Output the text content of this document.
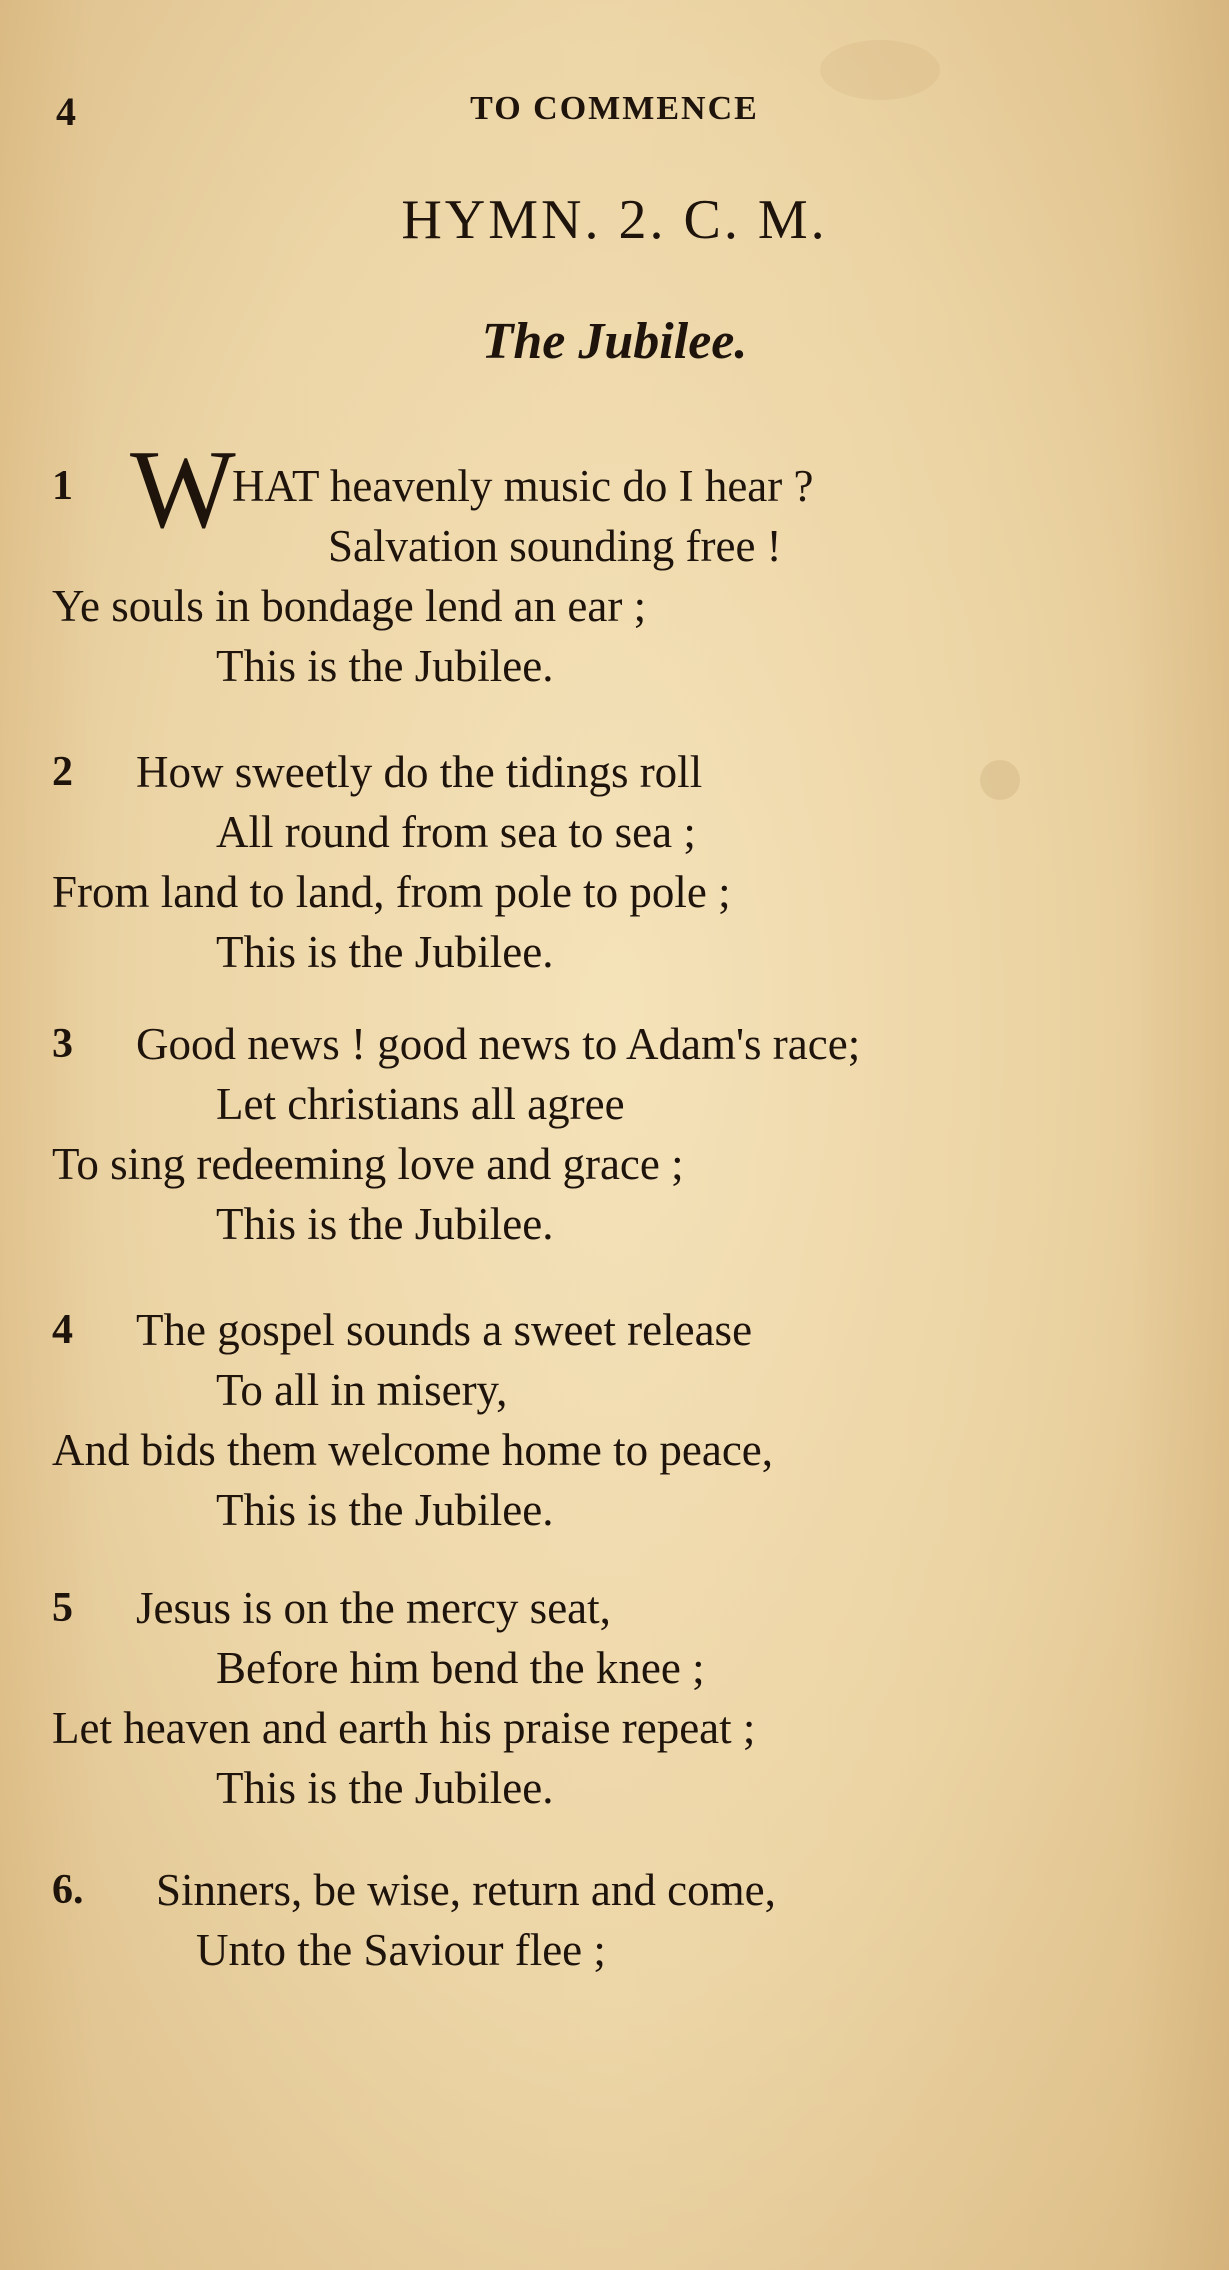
4	TO COMMENCE
HYMN. 2. C. M.
The Jubilee.
1 W HAT heavenly music do I hear ?
Salvation sounding free !
Ye souls in bondage lend an ear ;
This is the Jubilee.
2 How sweetly do the tidings roll
All round from sea to sea ;
From land to land, from pole to pole ;
This is the Jubilee.
3 Good news ! good news to Adam's race;
Let christians all agree
To sing redeeming love and grace ;
This is the Jubilee.
4 The gospel sounds a sweet release
To all in misery,
And bids them welcome home to peace,
This is the Jubilee.
5 Jesus is on the mercy seat,
Before him bend the knee ;
Let heaven and earth his praise repeat ;
This is the Jubilee.
6. Sinners, be wise, return and come,
Unto the Saviour flee ;
